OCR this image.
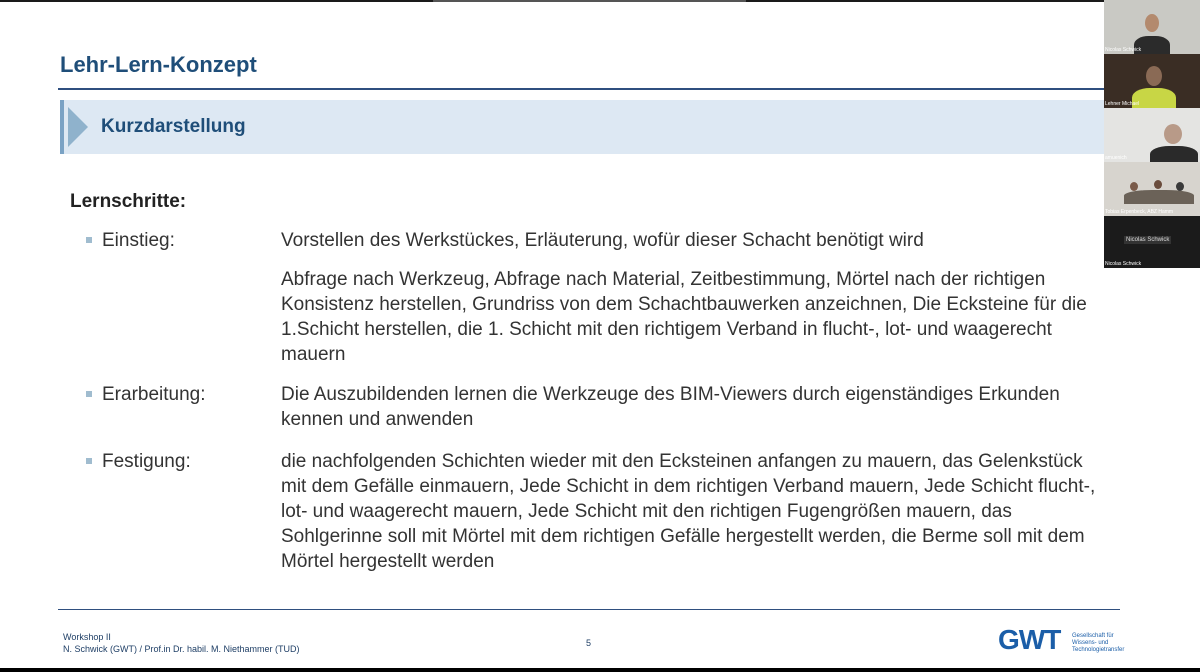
Lehr-Lern-Konzept
Kurzdarstellung
Lernschritte:
Einstieg:	Vorstellen des Werkstückes, Erläuterung, wofür dieser Schacht benötigt wird
Abfrage nach Werkzeug, Abfrage nach Material, Zeitbestimmung, Mörtel nach der richtigen Konsistenz herstellen, Grundriss von dem Schachtbauwerken anzeichnen, Die Ecksteine für die 1.Schicht herstellen, die 1. Schicht mit den richtigem Verband in flucht-, lot- und waagerecht mauern
Erarbeitung:	Die Auszubildenden lernen die Werkzeuge des BIM-Viewers durch eigenständiges Erkunden kennen und anwenden
Festigung:	die nachfolgenden Schichten wieder mit den Ecksteinen anfangen zu mauern, das Gelenkstück mit dem Gefälle einmauern, Jede Schicht in dem richtigen Verband mauern, Jede Schicht flucht-, lot- und waagerecht mauern, Jede Schicht mit den richtigen Fugengrößen mauern, das Sohlgerinne soll mit Mörtel mit dem richtigen Gefälle hergestellt werden, die Berme soll mit dem Mörtel hergestellt werden
Workshop II
N. Schwick (GWT) / Prof.in Dr. habil. M. Niethammer (TUD)
5	GWT Gesellschaft für Wissens- und Technologietransfer
Nicolas Schwick
Lehner Michael
amuenich
Tobias Erpenbeck, ABZ Hamm
Nicolas Schwick
Nicolas Schwick
